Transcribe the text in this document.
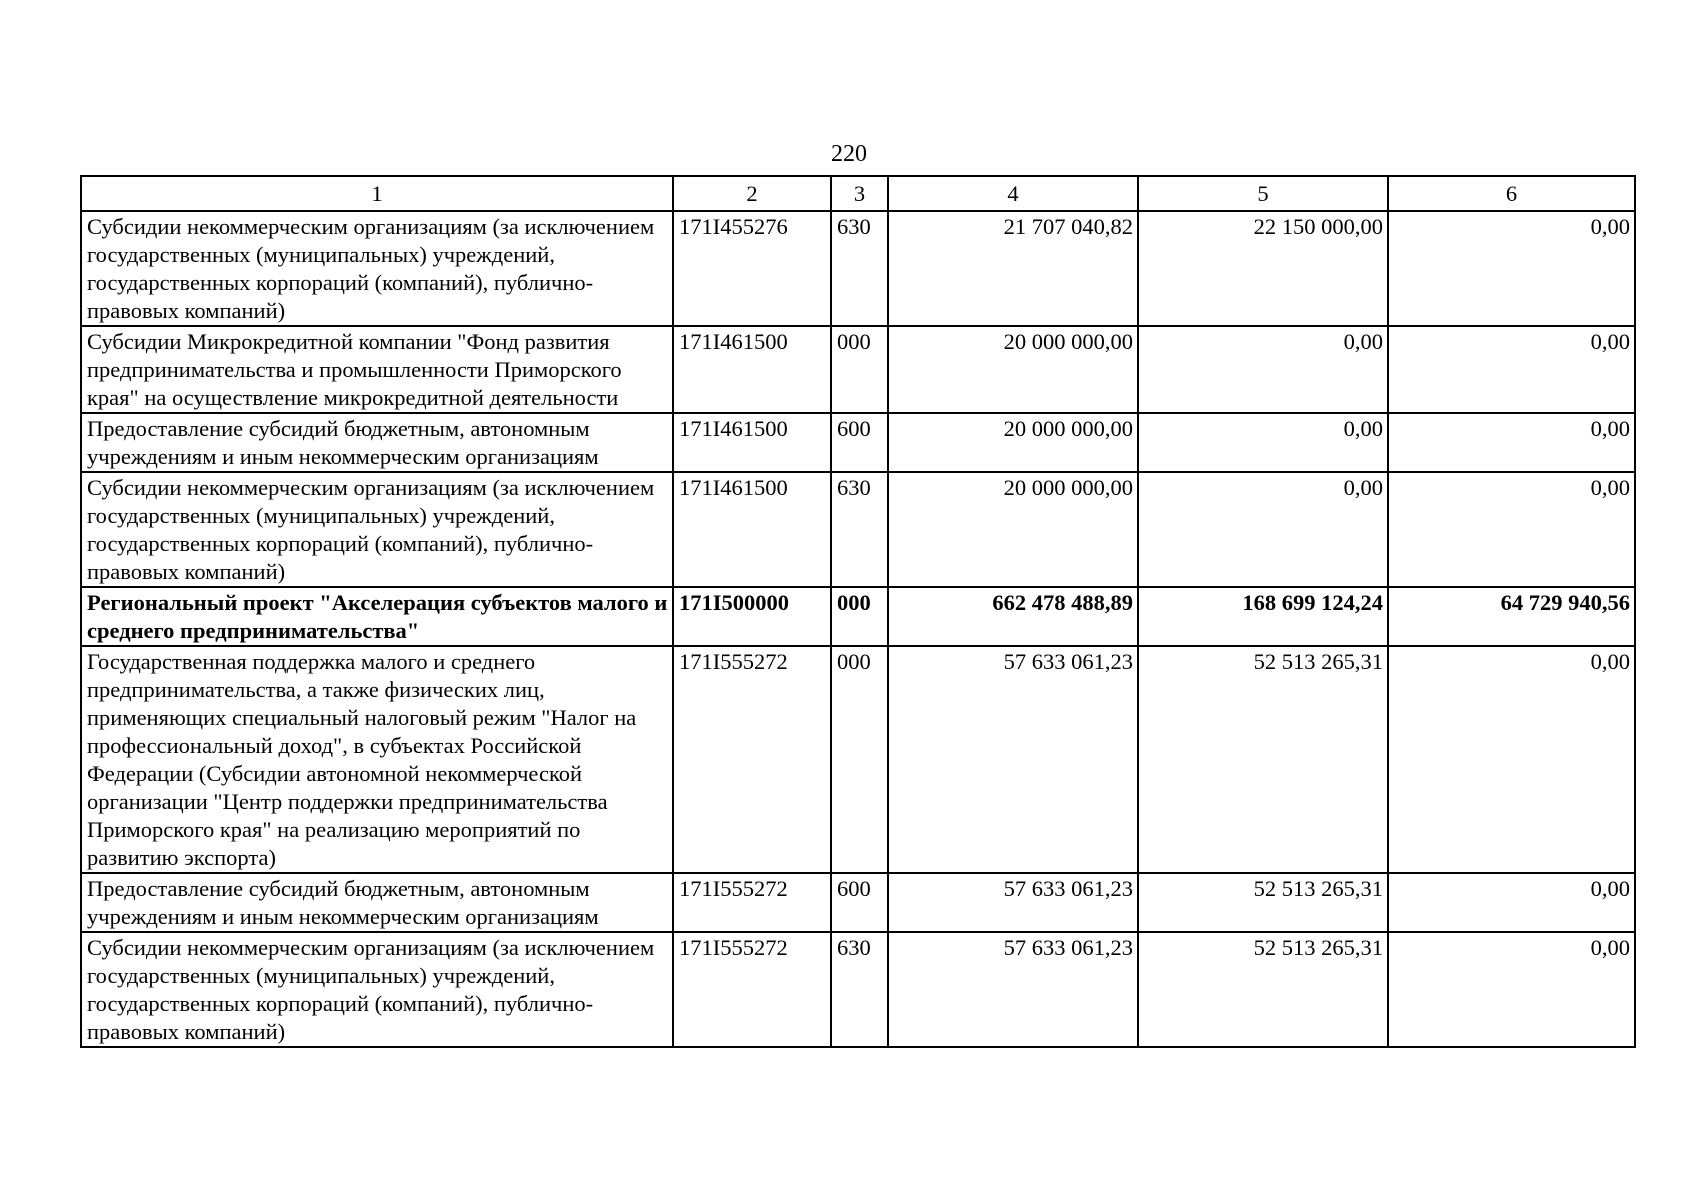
220
1	2	3	4	5	6
Субсидии некоммерческим организациям (за исключением государственных (муниципальных) учреждений, государственных корпораций (компаний), публично-правовых компаний)	171I455276	630	21 707 040,82	22 150 000,00	0,00
Субсидии Микрокредитной компании "Фонд развития предпринимательства и промышленности Приморского края" на осуществление микрокредитной деятельности	171I461500	000	20 000 000,00	0,00	0,00
Предоставление субсидий бюджетным, автономным учреждениям и иным некоммерческим организациям	171I461500	600	20 000 000,00	0,00	0,00
Субсидии некоммерческим организациям (за исключением государственных (муниципальных) учреждений, государственных корпораций (компаний), публично-правовых компаний)	171I461500	630	20 000 000,00	0,00	0,00
Региональный проект "Акселерация субъектов малого и среднего предпринимательства"	171I500000	000	662 478 488,89	168 699 124,24	64 729 940,56
Государственная поддержка малого и среднего предпринимательства, а также физических лиц, применяющих специальный налоговый режим "Налог на профессиональный доход", в субъектах Российской Федерации (Субсидии автономной некоммерческой организации "Центр поддержки предпринимательства Приморского края" на реализацию мероприятий по развитию экспорта)	171I555272	000	57 633 061,23	52 513 265,31	0,00
Предоставление субсидий бюджетным, автономным учреждениям и иным некоммерческим организациям	171I555272	600	57 633 061,23	52 513 265,31	0,00
Субсидии некоммерческим организациям (за исключением государственных (муниципальных) учреждений, государственных корпораций (компаний), публично-правовых компаний)	171I555272	630	57 633 061,23	52 513 265,31	0,00
